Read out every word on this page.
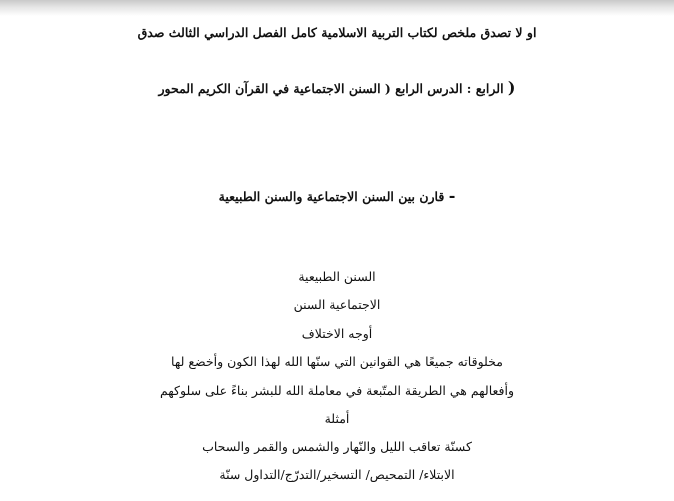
او لا تصدق ملخص لكتاب التربية الاسلامية كامل الفصل الدراسي الثالث صدق
( الرابع : الدرس الرابع ( السنن الاجتماعية في القرآن الكريم المحور
- قارن بين السنن الاجتماعية والسنن الطبيعية
السنن الطبيعية
الاجتماعية السنن
أوجه الاختلاف
مخلوقاته جميعًا هي القوانين التي سنّها الله لهذا الكون وأخضع لها
وأفعالهم هي الطريقة المتّبعة في معاملة الله للبشر بناءً على سلوكهم
أمثلة
كسنّة تعاقب الليل والنّهار والشمس والقمر والسحاب
الابتلاء/ التمحيص/ التسخير/التدرّج/التداول سنّة
